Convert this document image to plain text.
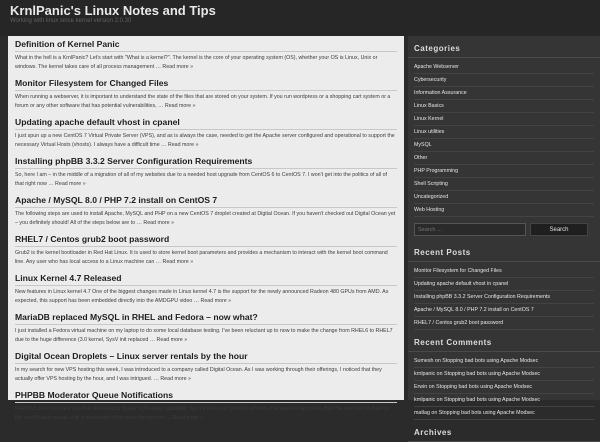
KrnlPanic's Linux Notes and Tips
Working with linux since kernel version 2.0.30
Definition of Kernel Panic
What in the hell is a KrnlPanic? Let's start with "What is a kernel?". The kernel is the core of your operating system (OS), whether your OS is Linux, Unix or windows. The kernel takes care of all process management … Read more »
Monitor Filesystem for Changed Files
When running a webserver, it is important to understand the state of the files that are stored on your system. If you run wordpress or a shopping cart system or a forum or any other software that has potential vulnerabilities, … Read more »
Updating apache default vhost in cpanel
I just spun up a new CentOS 7 Virtual Private Server (VPS), and as is always the case, needed to get the Apache server configured and operational to support the necessary Virtual Hosts (vhosts). I always have a difficult time … Read more »
Installing phpBB 3.3.2 Server Configuration Requirements
So, here I am – in the middle of a migration of all of my websites due to a needed host upgrade from CentOS 6 to CentOS 7. I won't get into the politics of all of that right now … Read more »
Apache / MySQL 8.0 / PHP 7.2 install on CentOS 7
The following steps are used to install Apache, MySQL and PHP on a new CentOS 7 droplet created at Digital Ocean. If you haven't checked out Digital Ocean yet – you definitely should! All of the steps below are to … Read more »
RHEL7 / Centos grub2 boot password
Grub2 is the kernel bootloader in Red Hat Linux. It is used to store kernel boot parameters and provides a mechanism to interact with the kernel boot command line. Any user who has local access to a Linux machine can … Read more »
Linux Kernel 4.7 Released
New features in Linux kernel 4.7 One of the biggest changes made in Linux kernel 4.7 is the support for the newly announced Radeon 480 GPUs from AMD. As expected, this support has been embedded directly into the AMDGPU video … Read more »
MariaDB replaced MySQL in RHEL and Fedora – now what?
I just installed a Fedora virtual machine on my laptop to do some local database testing. I've been reluctant up to now to make the change from RHEL6 to RHEL7 due to the huge difference (3.0 kernel, SysV init replaced … Read more »
Digital Ocean Droplets – Linux server rentals by the hour
In my search for new VPS hosting this week, I was introduced to a company called Digital Ocean. As I was working through their offerings, I noticed that they actually offer VPS hosting by the hour, and I was intrigued. … Read more »
PHPBB Moderator Queue Notifications
PHPBB3 does not have a built-in moderation queue notification capability. So, if a new user posts in a forum that requires approval, then the post will sit there in the modification queue until a moderator either sees the icon on … Read more »
Categories
Apache Webserver
Cybersecurity
Information Assurance
Linux Basics
Linux Kernel
Linux utilities
MySQL
Other
PHP Programming
Shell Scripting
Uncategorized
Web Hosting
Search …
Search
Recent Posts
Monitor Filesystem for Changed Files
Updating apache default vhost in cpanel
Installing phpBB 3.3.2 Server Configuration Requirements
Apache / MySQL 8.0 / PHP 7.2 install on CentOS 7
RHEL7 / Centos grub2 boot password
Recent Comments
Sumesh on Stopping bad bots using Apache Modsec
krnlpanic on Stopping bad bots using Apache Modsec
Erwin on Stopping bad bots using Apache Modsec
krnlpanic on Stopping bad bots using Apache Modsec
matlag on Stopping bad bots using Apache Modsec
Archives
